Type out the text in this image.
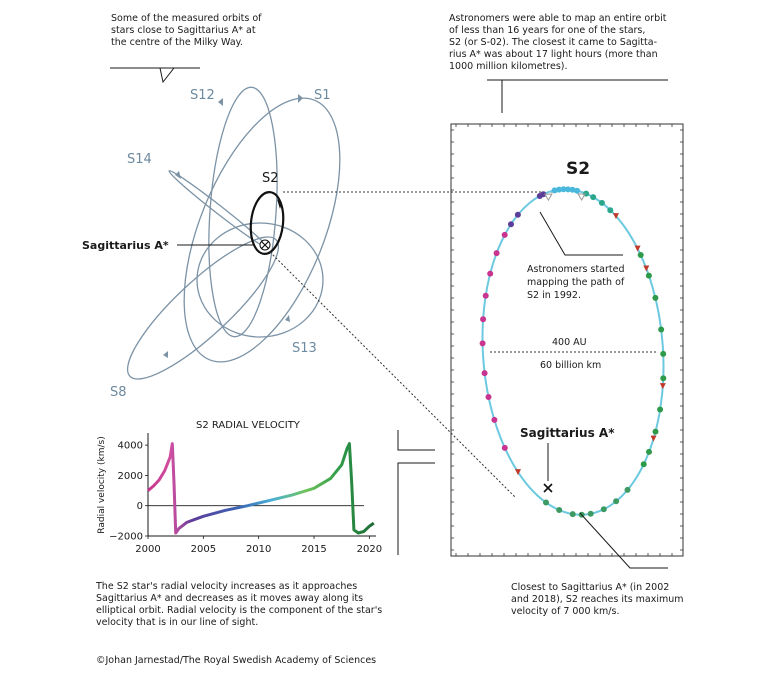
Some of the measured orbits of
stars close to Sagittarius A* at
the centre of the Milky Way.
Astronomers were able to map an entire orbit
of less than 16 years for one of the stars,
S2 (or S-02). The closest it came to Sagitta-
rius A* was about 17 light hours (more than
1000 million kilometres).
S12	S1
S14
S2
S13
S8
Sagittarius A*
S2
Astronomers started
mapping the path of
S2 in 1992.
400 AU
60 billion km
Sagittarius A*
Closest to Sagittarius A* (in 2002
and 2018), S2 reaches its maximum
velocity of 7 000 km/s.
S2 RADIAL VELOCITY
Radial velocity (km/s)
2000	2005	2010	2015	2020
−2000
0
2000
4000
The S2 star's radial velocity increases as it approaches
Sagittarius A* and decreases as it moves away along its
elliptical orbit. Radial velocity is the component of the star's
velocity that is in our line of sight.
©Johan Jarnestad/The Royal Swedish Academy of Sciences
